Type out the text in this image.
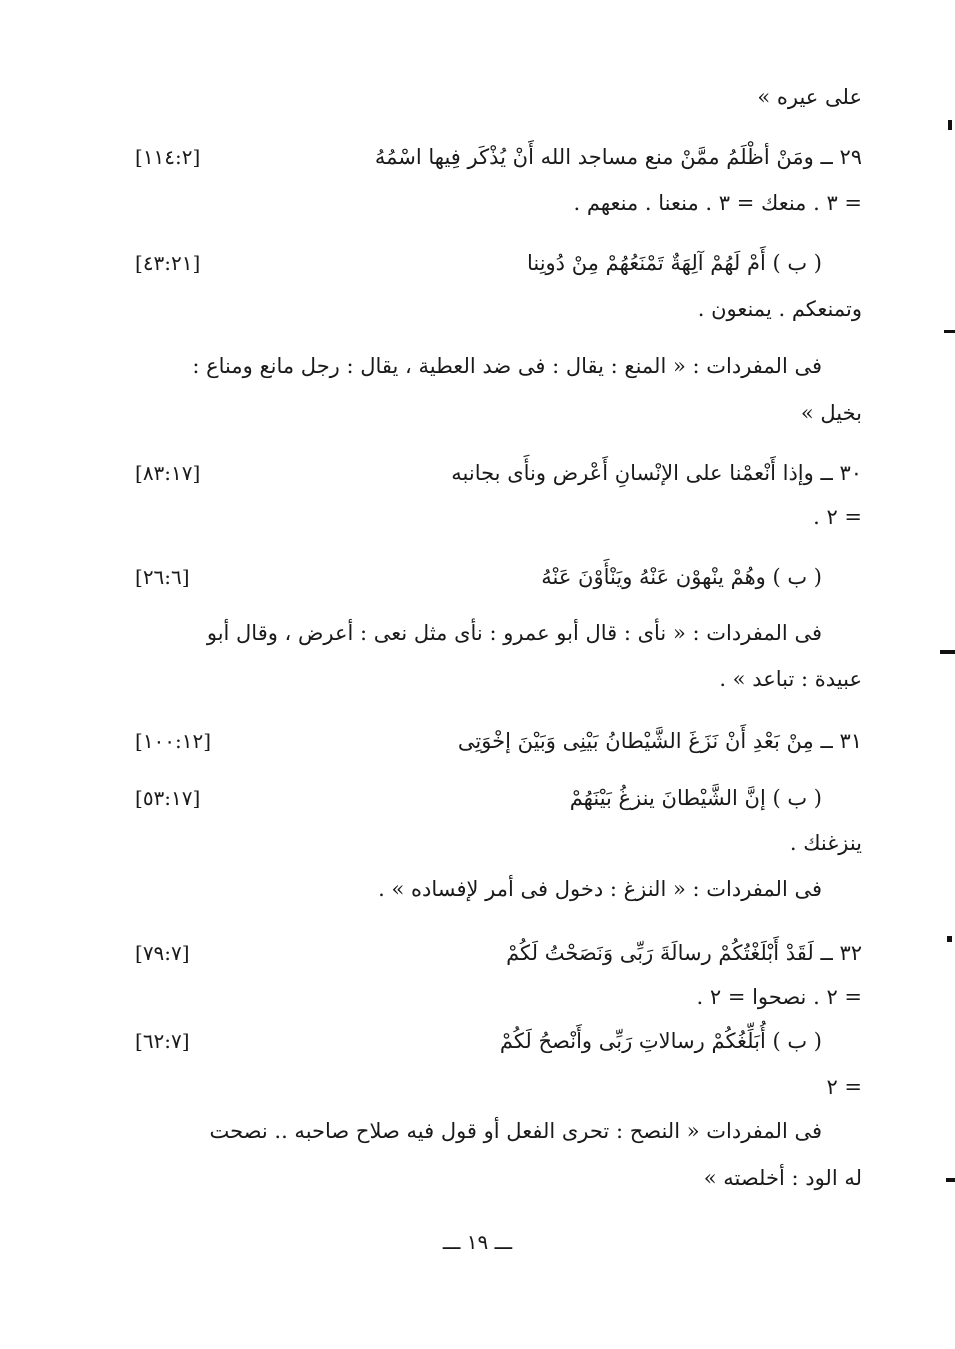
على عيره »
٢٩ ــ ومَنْ أظْلَمُ ممَّنْ منع مساجد الله أَنْ يُذْكَر فِيها اسْمُهُ
[١١٤:٢]
= ٣ . منعك = ٣ . منعنا . منعهم .
( ب ) أَمْ لَهُمْ آلِهَةٌ تَمْنَعُهُمْ مِنْ دُونِنا
[٤٣:٢١]
وتمنعكم . يمنعون .
فى المفردات : « المنع : يقال : فى ضد العطية ، يقال : رجل مانع ومناع :
بخيل »
٣٠ ــ وإذا أَنْعمْنا على الإنْسانِ أَعْرض ونأَى بجانبه
[٨٣:١٧]
= ٢ .
( ب ) وهُمْ ينْهوْن عَنْهُ ويَنْأَوْنَ عَنْهُ
[٢٦:٦]
فى المفردات : « نأى : قال أبو عمرو : نأى مثل نعى : أعرض ، وقال أبو
عبيدة : تباعد » .
٣١ ــ مِنْ بَعْدِ أَنْ نَزَغَ الشَّيْطانُ بَيْنِى وَبَيْنَ إخْوَتِى
[١٠٠:١٢]
( ب ) إنَّ الشَّيْطانَ ينزغُ بَيْنَهُمْ
[٥٣:١٧]
ينزغنك .
فى المفردات : « النزغ : دخول فى أمر لإفساده » .
٣٢ ــ لَقَدْ أَبْلَغْتُكُمْ رسالَةَ رَبِّى وَنَصَحْتُ لَكُمْ
[٧٩:٧]
= ٢ . نصحوا = ٢ .
( ب ) أُبَلِّغُكُمْ رسالاتِ رَبِّى وأَنْصحُ لَكُمْ
[٦٢:٧]
= ٢
فى المفردات « النصح : تحرى الفعل أو قول فيه صلاح صاحبه .. نصحت
له الود : أخلصته »
ـــ ١٩ ـــ
